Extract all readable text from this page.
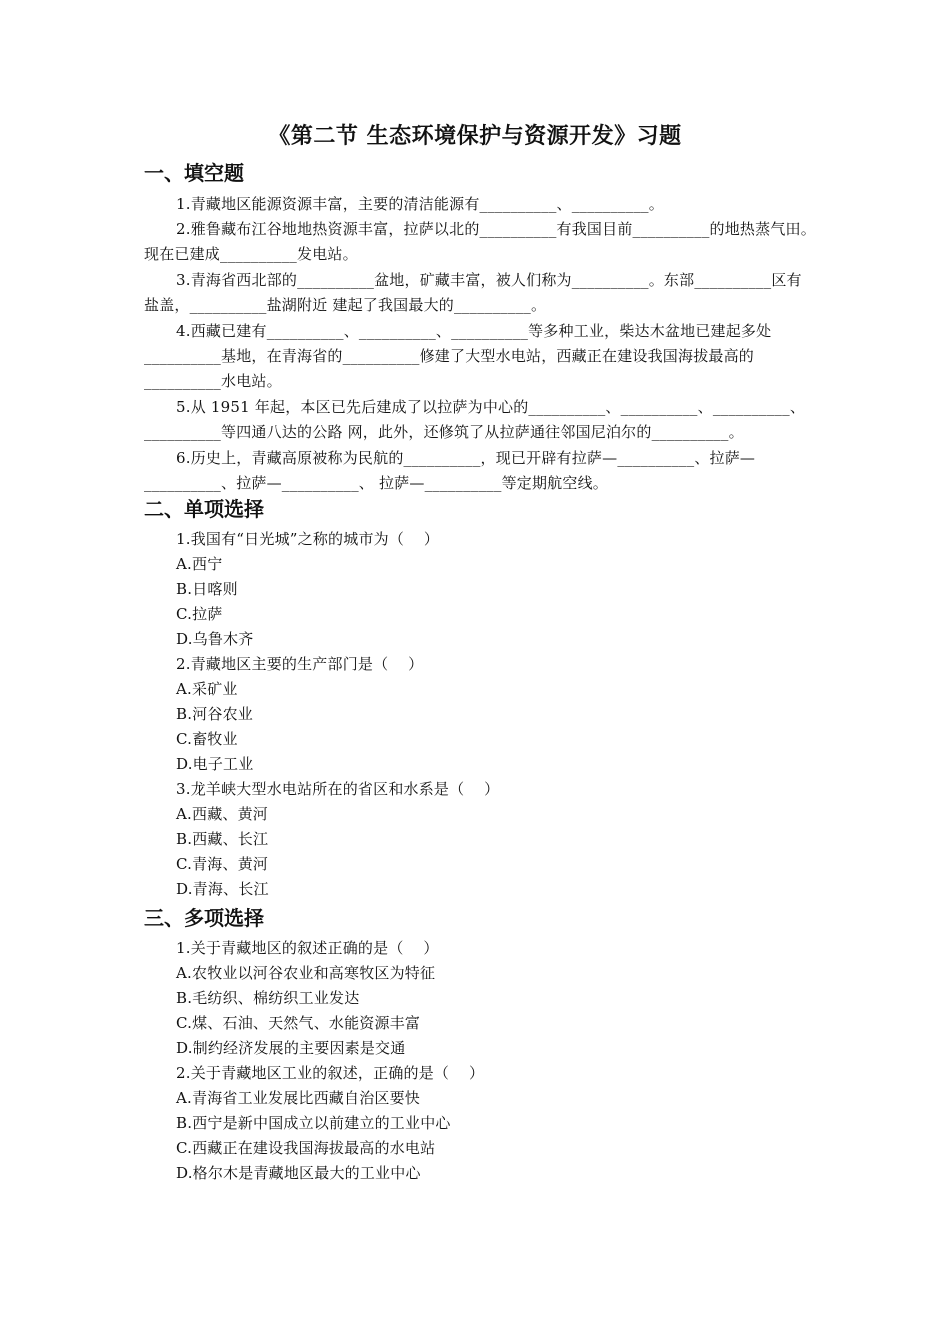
《第二节 生态环境保护与资源开发》习题
一、填空题
1.青藏地区能源资源丰富，主要的清洁能源有__________、__________。
2.雅鲁藏布江谷地地热资源丰富，拉萨以北的__________有我国目前__________的地热蒸气田。现在已建成__________发电站。
3.青海省西北部的__________盆地，矿藏丰富，被人们称为__________。东部__________区有盐盖，__________盐湖附近 建起了我国最大的__________。
4.西藏已建有__________、__________、__________等多种工业，柴达木盆地已建起多处__________基地，在青海省的__________修建了大型水电站，西藏正在建设我国海拔最高的__________水电站。
5.从 1951 年起，本区已先后建成了以拉萨为中心的__________、__________、__________、__________等四通八达的公路 网，此外，还修筑了从拉萨通往邻国尼泊尔的__________。
6.历史上，青藏高原被称为民航的__________，现已开辟有拉萨—__________、拉萨—__________、拉萨—__________、 拉萨—__________等定期航空线。
二、单项选择
1.我国有“日光城”之称的城市为（    ）
A.西宁
B.日喀则
C.拉萨
D.乌鲁木齐
2.青藏地区主要的生产部门是（    ）
A.采矿业
B.河谷农业
C.畜牧业
D.电子工业
3.龙羊峡大型水电站所在的省区和水系是（    ）
A.西藏、黄河
B.西藏、长江
C.青海、黄河
D.青海、长江
三、多项选择
1.关于青藏地区的叙述正确的是（    ）
A.农牧业以河谷农业和高寒牧区为特征
B.毛纺织、棉纺织工业发达
C.煤、石油、天然气、水能资源丰富
D.制约经济发展的主要因素是交通
2.关于青藏地区工业的叙述，正确的是（    ）
A.青海省工业发展比西藏自治区要快
B.西宁是新中国成立以前建立的工业中心
C.西藏正在建设我国海拔最高的水电站
D.格尔木是青藏地区最大的工业中心
